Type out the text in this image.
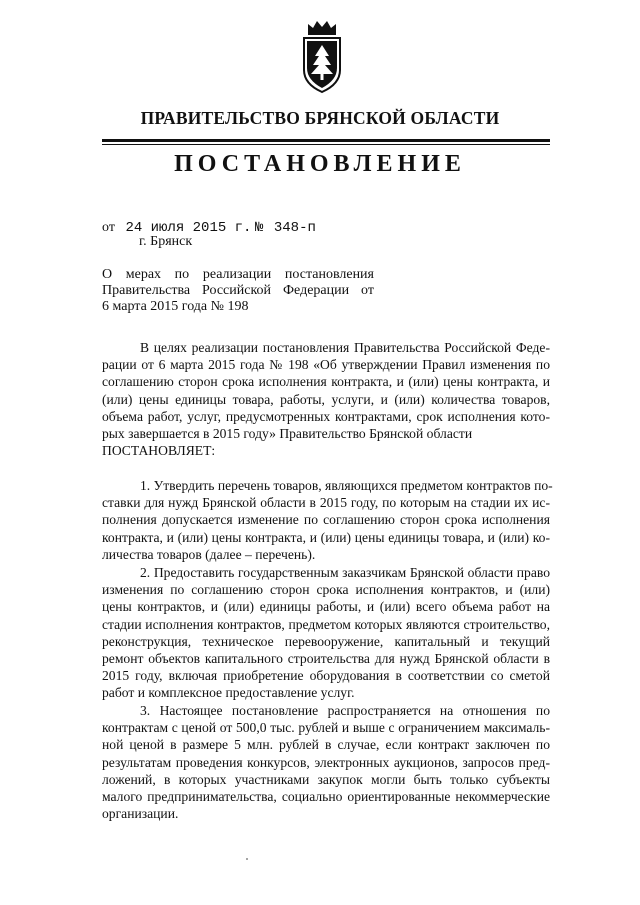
ПРАВИТЕЛЬСТВО БРЯНСКОЙ ОБЛАСТИ
ПОСТАНОВЛЕНИЕ
от 24 июля 2015 г. № 348-п
г. Брянск
О мерах по реализации постановления
Правительства Российской Федерации от
6 марта 2015 года № 198
В целях реализации постановления Правительства Российской Феде-
рации от 6 марта 2015 года № 198 «Об утверждении Правил изменения по
соглашению сторон срока исполнения контракта, и (или) цены контракта, и
(или) цены единицы товара, работы, услуги, и (или) количества товаров,
объема работ, услуг, предусмотренных контрактами, срок исполнения кото-
рых завершается в 2015 году» Правительство Брянской области
ПОСТАНОВЛЯЕТ:
1. Утвердить перечень товаров, являющихся предметом контрактов по-
ставки для нужд Брянской области в 2015 году, по которым на стадии их ис-
полнения допускается изменение по соглашению сторон срока исполнения
контракта, и (или) цены контракта, и (или) цены единицы товара, и (или) ко-
личества товаров (далее – перечень).
2. Предоставить государственным заказчикам Брянской области право
изменения по соглашению сторон срока исполнения контрактов, и (или)
цены контрактов, и (или) единицы работы, и (или) всего объема работ на
стадии исполнения контрактов, предметом которых являются строительство,
реконструкция, техническое перевооружение, капитальный и текущий
ремонт объектов капитального строительства для нужд Брянской области в
2015 году, включая приобретение оборудования в соответствии со сметой
работ и комплексное предоставление услуг.
3. Настоящее постановление распространяется на отношения по
контрактам с ценой от 500,0 тыс. рублей и выше с ограничением максималь-
ной ценой в размере 5 млн. рублей в случае, если контракт заключен по
результатам проведения конкурсов, электронных аукционов, запросов пред-
ложений, в которых участниками закупок могли быть только субъекты
малого предпринимательства, социально ориентированные некоммерческие
организации.
